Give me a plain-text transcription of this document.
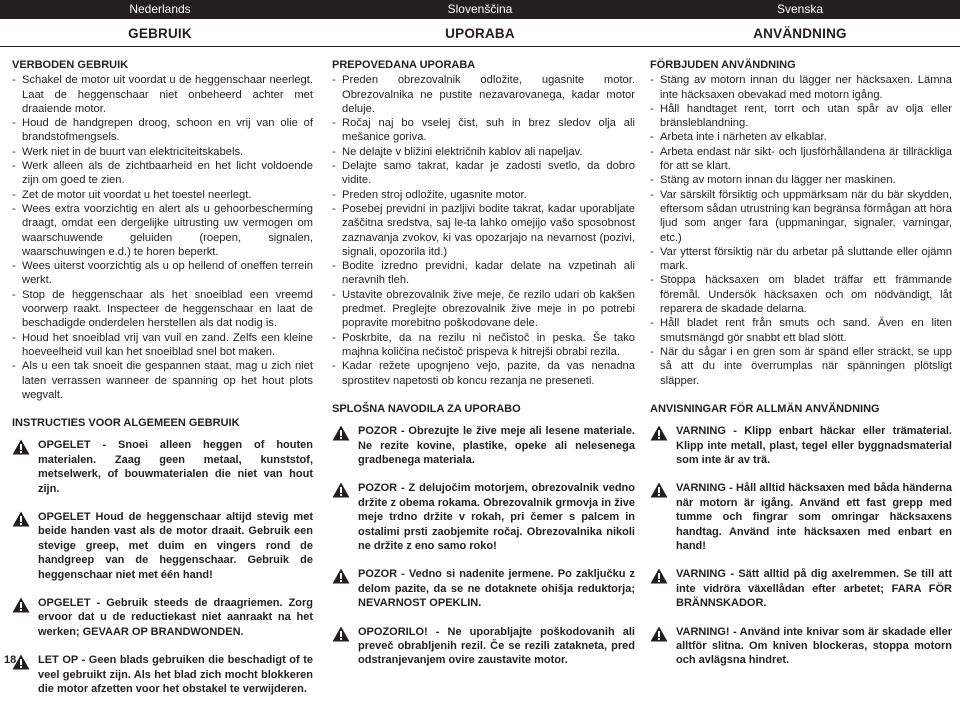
Nederlands	Slovenščina	Svenska
GEBRUIK	UPORABA	ANVÄNDNING
VERBODEN GEBRUIK
- Schakel de motor uit voordat u de heggenschaar neerlegt. Laat de heggenschaar niet onbeheerd achter met draaiende motor.
- Houd de handgrepen droog, schoon en vrij van olie of brandstofmengsels.
- Werk niet in de buurt van elektriciteitskabels.
- Werk alleen als de zichtbaarheid en het licht voldoende zijn om goed te zien.
- Zet de motor uit voordat u het toestel neerlegt.
- Wees extra voorzichtig en alert als u gehoorbescherming draagt, omdat een dergelijke uitrusting uw vermogen om waarschuwende geluiden (roepen, signalen, waarschuwingen e.d.) te horen beperkt.
- Wees uiterst voorzichtig als u op hellend of oneffen terrein werkt.
- Stop de heggenschaar als het snoeiblad een vreemd voorwerp raakt. Inspecteer de heggenschaar en laat de beschadigde onderdelen herstellen als dat nodig is.
- Houd het snoeiblad vrij van vuil en zand. Zelfs een kleine hoeveelheid vuil kan het snoeiblad snel bot maken.
- Als u een tak snoeit die gespannen staat, mag u zich niet laten verrassen wanneer de spanning op het hout plots wegvalt.
INSTRUCTIES VOOR ALGEMEEN GEBRUIK
OPGELET - Snoei alleen heggen of houten materialen. Zaag geen metaal, kunststof, metselwerk, of bouwmaterialen die niet van hout zijn.
OPGELET Houd de heggenschaar altijd stevig met beide handen vast als de motor draait. Gebruik een stevige greep, met duim en vingers rond de handgreep van de heggenschaar. Gebruik de heggenschaar niet met één hand!
OPGELET - Gebruik steeds de draagriemen. Zorg ervoor dat u de reductiekast niet aanraakt na het werken; GEVAAR OP BRANDWONDEN.
LET OP - Geen blads gebruiken die beschadigt of te veel gebruikt zijn. Als het blad zich mocht blokkeren die motor afzetten voor het obstakel te verwijderen.
PREPOVEDANA UPORABA
- Preden obrezovalnik odložite, ugasnite motor. Obrezovalnika ne pustite nezavarovanega, kadar motor deluje.
- Ročaj naj bo vselej čist, suh in brez sledov olja ali mešanice goriva.
- Ne delajte v bližini električnih kablov ali napeljav.
- Delajte samo takrat, kadar je zadosti svetlo, da dobro vidite.
- Preden stroj odložite, ugasnite motor.
- Posebej previdni in pazljivi bodite takrat, kadar uporabljate zaščitna sredstva, saj le-ta lahko omejijo vašo sposobnost zaznavanja zvokov, ki vas opozarjajo na nevarnost (pozivi, signali, opozorila itd.)
- Bodite izredno previdni, kadar delate na vzpetinah ali neravnih tleh.
- Ustavite obrezovalnik žive meje, če rezilo udari ob kakšen predmet. Preglejte obrezovalnik žive meje in po potrebi popravite morebitno poškodovane dele.
- Poskrbite, da na rezilu ni nečistoč in peska. Še tako majhna količina nečistoč prispeva k hitrejši obrabi rezila.
- Kadar režete upognjeno vejo, pazite, da vas nenadna sprostitev napetosti ob koncu rezanja ne preseneti.
SPLOŠNA NAVODILA ZA UPORABO
POZOR - Obrezujte le žive meje ali lesene materiale. Ne rezite kovine, plastike, opeke ali nelesenega gradbenega materiala.
POZOR - Z delujočim motorjem, obrezovalnik vedno držite z obema rokama. Obrezovalnik grmovja in žive meje trdno držite v rokah, pri čemer s palcem in ostalimi prsti zaobjemite ročaj. Obrezovalnika nikoli ne držite z eno samo roko!
POZOR - Vedno si nadenite jermene. Po zaključku z delom pazite, da se ne dotaknete ohišja reduktorja; NEVARNOST OPEKLIN.
OPOZORILO! - Ne uporabljajte poškodovanih ali preveč obrabljenih rezil. Če se rezili zatakneta, pred odstranjevanjem ovire zaustavite motor.
FÖRBJUDEN ANVÄNDNING
- Stäng av motorn innan du lägger ner häcksaxen. Lämna inte häcksaxen obevakad med motorn igång.
- Håll handtaget rent, torrt och utan spår av olja eller bränsleblandning.
- Arbeta inte i närheten av elkablar.
- Arbeta endast när sikt- och ljusförhållandena är tillräckliga för att se klart.
- Stäng av motorn innan du lägger ner maskinen.
- Var särskilt försiktig och uppmärksam när du bär skydden, eftersom sådan utrustning kan begränsa förmågan att höra ljud som anger fara (uppmaningar, signaler, varningar, etc.)
- Var ytterst försiktig när du arbetar på sluttande eller ojämn mark.
- Stoppa häcksaxen om bladet träffar ett främmande föremål. Undersök häcksaxen och om nödvändigt, låt reparera de skadade delarna.
- Håll bladet rent från smuts och sand. Även en liten smutsmängd gör snabbt ett blad slött.
- När du sågar i en gren som är spänd eller sträckt, se upp så att du inte överrumplas när spänningen plötsligt släpper.
ANVISNINGAR FÖR ALLMÄN ANVÄNDNING
VARNING - Klipp enbart häckar eller trämaterial. Klipp inte metall, plast, tegel eller byggnadsmaterial som inte är av trä.
VARNING - Håll alltid häcksaxen med båda händerna när motorn är igång. Använd ett fast grepp med tumme och fingrar som omringar häcksaxens handtag. Använd inte häcksaxen med enbart en hand!
VARNING - Sätt alltid på dig axelremmen. Se till att inte vidröra växellådan efter arbetet; FARA FÖR BRÄNNSKADOR.
VARNING! - Använd inte knivar som är skadade eller alltför slitna. Om kniven blockeras, stoppa motorn och avlägsna hindret.
18
